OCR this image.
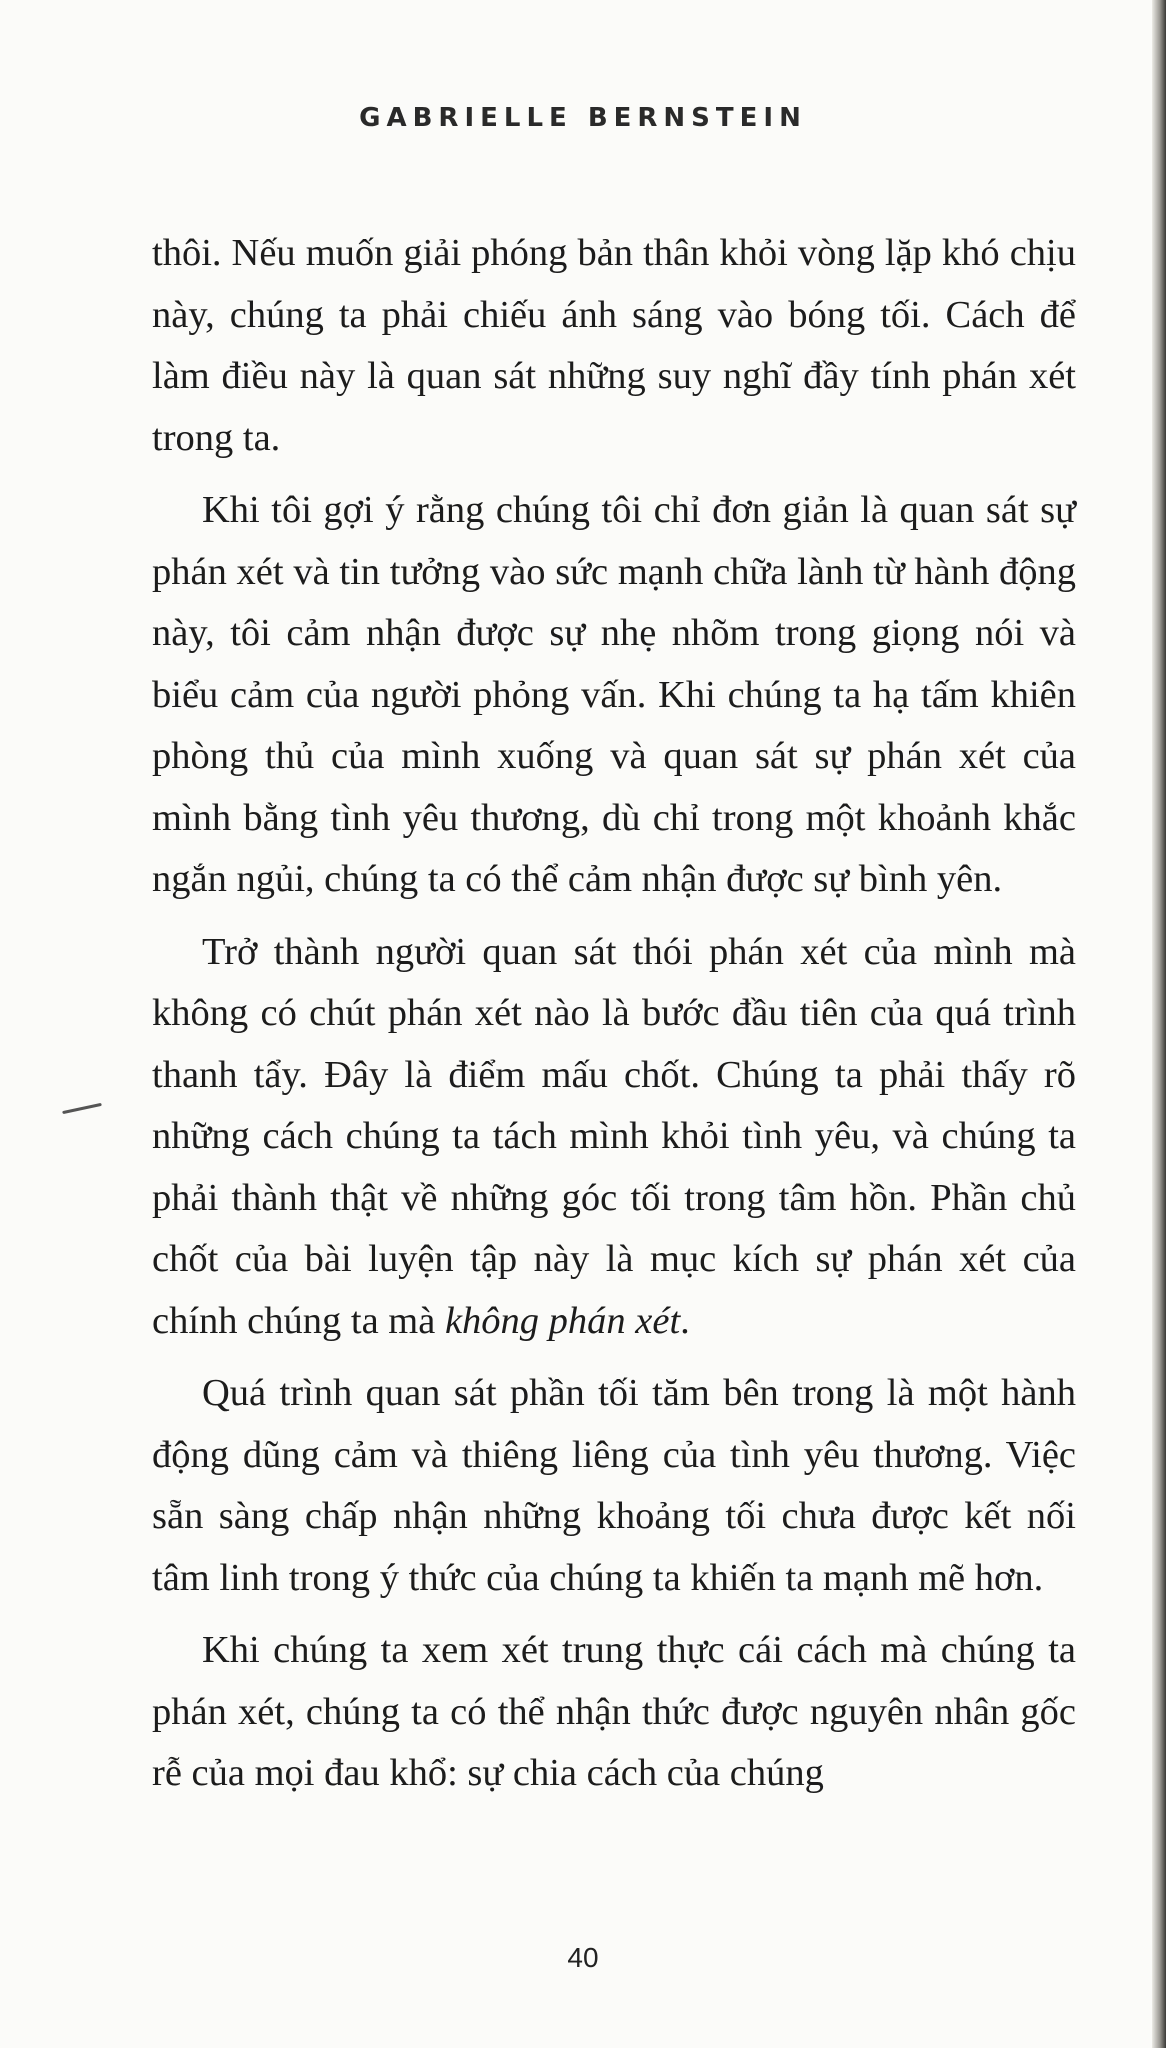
GABRIELLE BERNSTEIN

thôi. Nếu muốn giải phóng bản thân khỏi vòng lặp khó chịu này, chúng ta phải chiếu ánh sáng vào bóng tối. Cách để làm điều này là quan sát những suy nghĩ đầy tính phán xét trong ta.

Khi tôi gợi ý rằng chúng tôi chỉ đơn giản là quan sát sự phán xét và tin tưởng vào sức mạnh chữa lành từ hành động này, tôi cảm nhận được sự nhẹ nhõm trong giọng nói và biểu cảm của người phỏng vấn. Khi chúng ta hạ tấm khiên phòng thủ của mình xuống và quan sát sự phán xét của mình bằng tình yêu thương, dù chỉ trong một khoảnh khắc ngắn ngủi, chúng ta có thể cảm nhận được sự bình yên.

Trở thành người quan sát thói phán xét của mình mà không có chút phán xét nào là bước đầu tiên của quá trình thanh tẩy. Đây là điểm mấu chốt. Chúng ta phải thấy rõ những cách chúng ta tách mình khỏi tình yêu, và chúng ta phải thành thật về những góc tối trong tâm hồn. Phần chủ chốt của bài luyện tập này là mục kích sự phán xét của chính chúng ta mà không phán xét.

Quá trình quan sát phần tối tăm bên trong là một hành động dũng cảm và thiêng liêng của tình yêu thương. Việc sẵn sàng chấp nhận những khoảng tối chưa được kết nối tâm linh trong ý thức của chúng ta khiến ta mạnh mẽ hơn.

Khi chúng ta xem xét trung thực cái cách mà chúng ta phán xét, chúng ta có thể nhận thức được nguyên nhân gốc rễ của mọi đau khổ: sự chia cách của chúng

40
